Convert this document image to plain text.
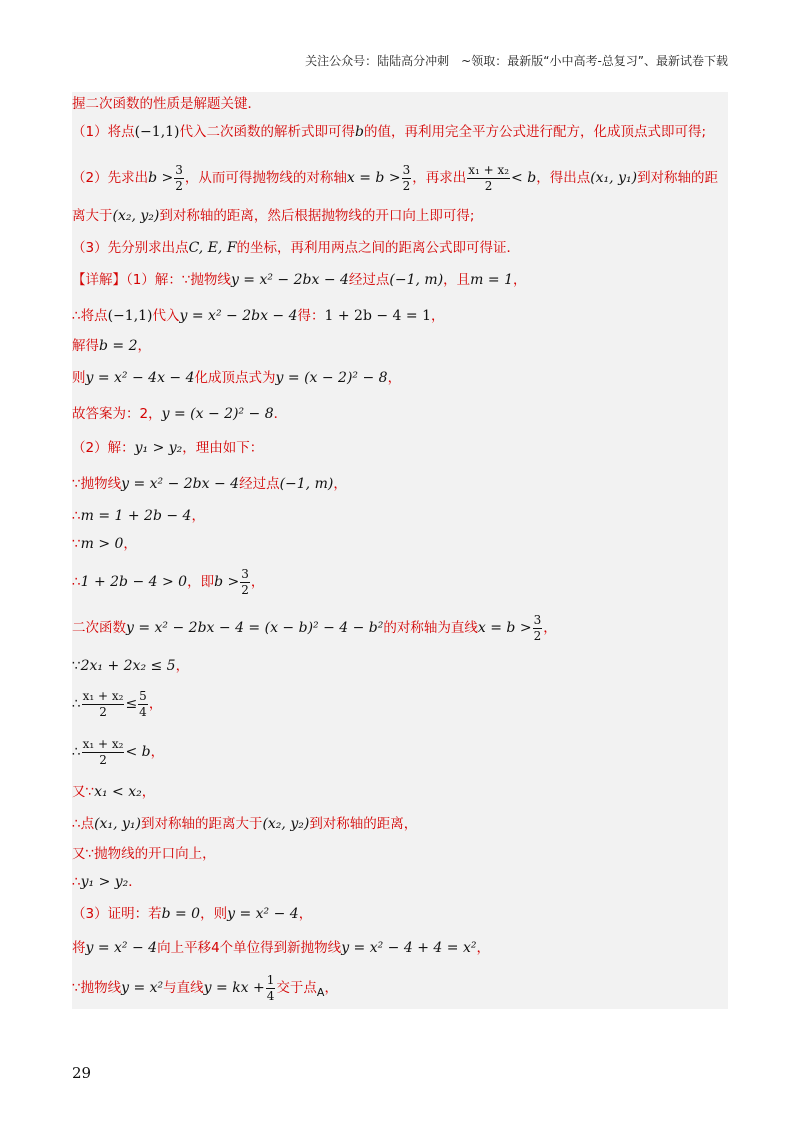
关注公众号：陆陆高分冲刺　~领取：最新版“小中高考-总复习”、最新试卷下载
握二次函数的性质是解题关键．
（1）将点(−1,1)代入二次函数的解析式即可得b的值，再利用完全平方公式进行配方，化成顶点式即可得;
（2）先求出$b > \frac{3}{2}$ ，从而可得抛物线的对称轴$x = b > \frac{3}{2}$ ，再求出 $\frac{\text{x₁ + x₂}}{2} < b$，得出点(x₁, y₁)到对称轴的距
离大于(x₂, y₂)到对称轴的距离，然后根据抛物线的开口向上即可得;
（3）先分别求出点C, E, F的坐标，再利用两点之间的距离公式即可得证．
【详解】（1）解：∵抛物线y = x² − 2bx − 4经过点(−1, m)，且m = 1，
∴将点(−1,1)代入y = x² − 2bx − 4得：1 + 2b − 4 = 1，
解得b = 2，
则y = x² − 4x − 4化成顶点式为y = (x − 2)² − 8，
故答案为：2，y = (x − 2)² − 8．
（2）解：y₁ > y₂，理由如下：
∵抛物线y = x² − 2bx − 4经过点(−1, m)，
∴m = 1 + 2b − 4，
∵m > 0，
∴1 + 2b − 4 > 0，即$b > \frac{3}{2}$ ，
二次函数y = x² − 2bx − 4 = (x − b)² − 4 − b²的对称轴为直线$x = b > \frac{3}{2}$ ，
∵2x₁ + 2x₂ ≤ 5，
∴ $\frac{\text{x₁ + x₂}}{2} \le \frac{5}{4}$ ，
∴ $\frac{\text{x₁ + x₂}}{2} < b$，
又∵x₁ < x₂，
∴点(x₁, y₁)到对称轴的距离大于(x₂, y₂)到对称轴的距离，
又∵抛物线的开口向上，
∴y₁ > y₂．
（3）证明：若b = 0，则y = x² − 4，
将y = x² − 4向上平移4个单位得到新抛物线y = x² − 4 + 4 = x²，
∵抛物线y = x²与直线y = kx + $\frac{1}{4}$ 交于点$_A$，
29
